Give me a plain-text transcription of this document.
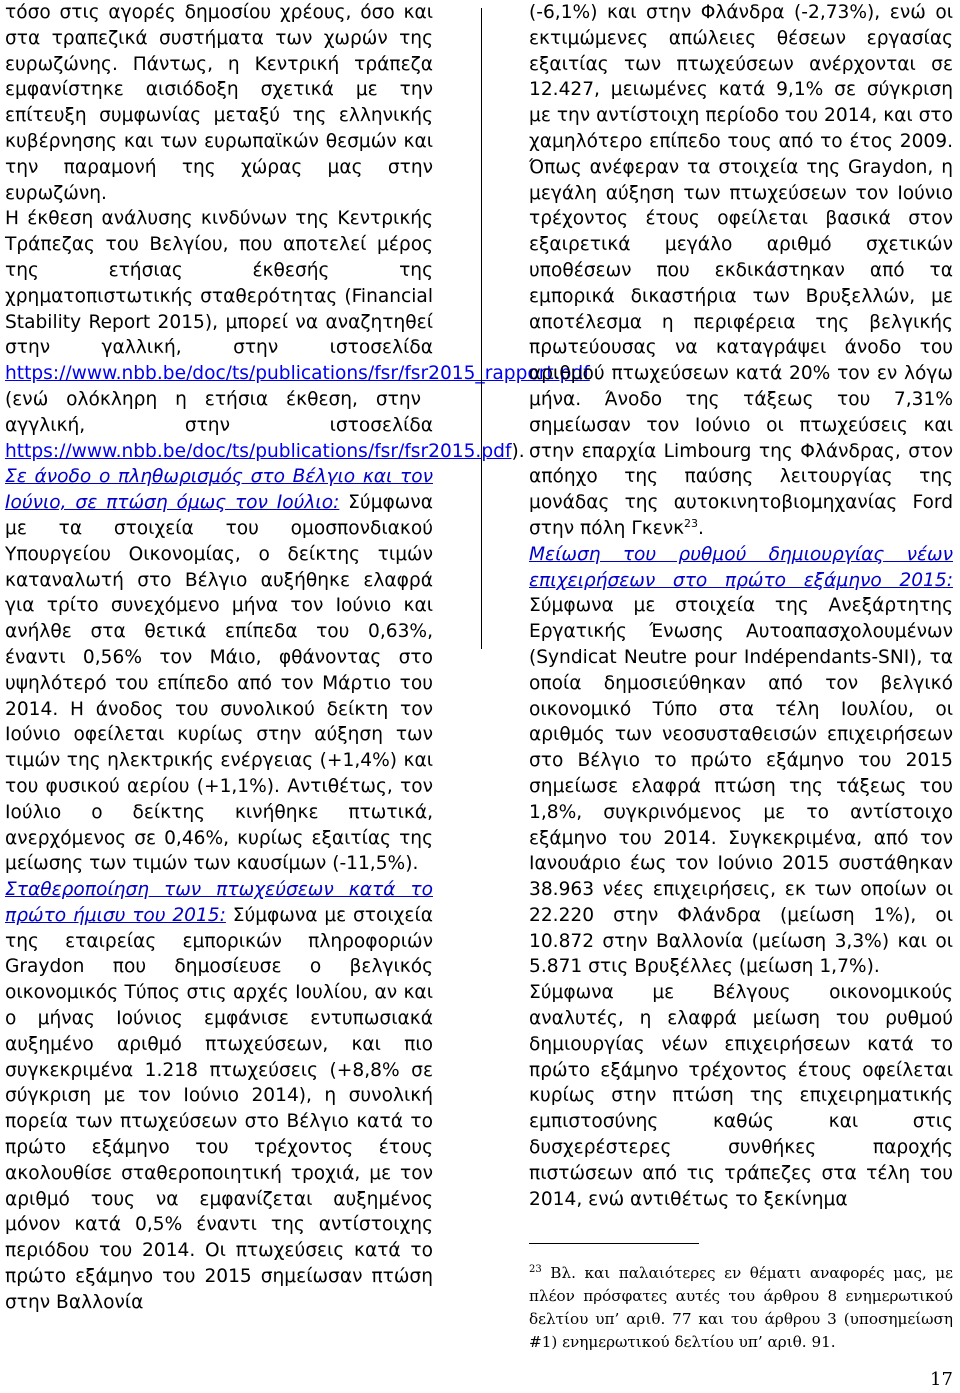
τόσο στις αγορές δημοσίου χρέους, όσο και στα τραπεζικά συστήματα των χωρών της ευρωζώνης. Πάντως, η Κεντρική τράπεζα εμφανίστηκε αισιόδοξη σχετικά με την επίτευξη συμφωνίας μεταξύ της ελληνικής κυβέρνησης και των ευρωπαϊκών θεσμών και την παραμονή της χώρας μας στην ευρωζώνη.

Η έκθεση ανάλυσης κινδύνων της Κεντρικής Τράπεζας του Βελγίου, που αποτελεί μέρος της ετήσιας έκθεσής της χρηματοπιστωτικής σταθερότητας (Financial Stability Report 2015), μπορεί να αναζητηθεί στην γαλλική, στην ιστοσελίδα https://www.nbb.be/doc/ts/publications/fsr/fsr2015_rapport.pdf (ενώ ολόκληρη η ετήσια έκθεση, στην αγγλική, στην ιστοσελίδα https://www.nbb.be/doc/ts/publications/fsr/fsr2015.pdf).

Σε άνοδο ο πληθωρισμός στο Βέλγιο και τον Ιούνιο, σε πτώση όμως τον Ιούλιο: Σύμφωνα με τα στοιχεία του ομοσπονδιακού Υπουργείου Οικονομίας, ο δείκτης τιμών καταναλωτή στο Βέλγιο αυξήθηκε ελαφρά για τρίτο συνεχόμενο μήνα τον Ιούνιο και ανήλθε στα θετικά επίπεδα του 0,63%, έναντι 0,56% τον Μάιο, φθάνοντας στο υψηλότερό του επίπεδο από τον Μάρτιο του 2014. Η άνοδος του συνολικού δείκτη τον Ιούνιο οφείλεται κυρίως στην αύξηση των τιμών της ηλεκτρικής ενέργειας (+1,4%) και του φυσικού αερίου (+1,1%). Αντιθέτως, τον Ιούλιο ο δείκτης κινήθηκε πτωτικά, ανερχόμενος σε 0,46%, κυρίως εξαιτίας της μείωσης των τιμών των καυσίμων (-11,5%).

Σταθεροποίηση των πτωχεύσεων κατά το πρώτο ήμισυ του 2015: Σύμφωνα με στοιχεία της εταιρείας εμπορικών πληροφοριών Graydon που δημοσίευσε ο βελγικός οικονομικός Τύπος στις αρχές Ιουλίου, αν και ο μήνας Ιούνιος εμφάνισε εντυπωσιακά αυξημένο αριθμό πτωχεύσεων, και πιο συγκεκριμένα 1.218 πτωχεύσεις (+8,8% σε σύγκριση με τον Ιούνιο 2014), η συνολική πορεία των πτωχεύσεων στο Βέλγιο κατά το πρώτο εξάμηνο του τρέχοντος έτους ακολουθίσε σταθεροποιητική τροχιά, με τον αριθμό τους να εμφανίζεται αυξημένος μόνον κατά 0,5% έναντι της αντίστοιχης περιόδου του 2014. Οι πτωχεύσεις κατά το πρώτο εξάμηνο του 2015 σημείωσαν πτώση στην Βαλλονία

(-6,1%) και στην Φλάνδρα (-2,73%), ενώ οι εκτιμώμενες απώλειες θέσεων εργασίας εξαιτίας των πτωχεύσεων ανέρχονται σε 12.427, μειωμένες κατά 9,1% σε σύγκριση με την αντίστοιχη περίοδο του 2014, και στο χαμηλότερο επίπεδο τους από το έτος 2009. Όπως ανέφεραν τα στοιχεία της Graydon, η μεγάλη αύξηση των πτωχεύσεων τον Ιούνιο τρέχοντος έτους οφείλεται βασικά στον εξαιρετικά μεγάλο αριθμό σχετικών υποθέσεων που εκδικάστηκαν από τα εμπορικά δικαστήρια των Βρυξελλών, με αποτέλεσμα η περιφέρεια της βελγικής πρωτεύουσας να καταγράψει άνοδο του αριθμού πτωχεύσεων κατά 20% τον εν λόγω μήνα. Άνοδο της τάξεως του 7,31% σημείωσαν τον Ιούνιο οι πτωχεύσεις και στην επαρχία Limbourg της Φλάνδρας, στον απόηχο της παύσης λειτουργίας της μονάδας της αυτοκινητοβιομηχανίας Ford στην πόλη Γκενκ$^{23}$.

Μείωση του ρυθμού δημιουργίας νέων επιχειρήσεων στο πρώτο εξάμηνο 2015: Σύμφωνα με στοιχεία της Ανεξάρτητης Εργατικής Ένωσης Αυτοαπασχολουμένων (Syndicat Neutre pour Indépendants-SNI), τα οποία δημοσιεύθηκαν από τον βελγικό οικονομικό Τύπο στα τέλη Ιουλίου, οι αριθμός των νεοσυσταθεισών επιχειρήσεων στο Βέλγιο το πρώτο εξάμηνο του 2015 σημείωσε ελαφρά πτώση της τάξεως του 1,8%, συγκρινόμενος με το αντίστοιχο εξάμηνο του 2014. Συγκεκριμένα, από τον Ιανουάριο έως τον Ιούνιο 2015 συστάθηκαν 38.963 νέες επιχειρήσεις, εκ των οποίων οι 22.220 στην Φλάνδρα (μείωση 1%), οι 10.872 στην Βαλλονία (μείωση 3,3%) και οι 5.871 στις Βρυξέλλες (μείωση 1,7%).

Σύμφωνα με Βέλγους οικονομικούς αναλυτές, η ελαφρά μείωση του ρυθμού δημιουργίας νέων επιχειρήσεων κατά το πρώτο εξάμηνο τρέχοντος έτους οφείλεται κυρίως στην πτώση της επιχειρηματικής εμπιστοσύνης καθώς και στις δυσχερέστερες συνθήκες παροχής πιστώσεων από τις τράπεζες στα τέλη του 2014, ενώ αντιθέτως το ξεκίνημα

$^{23}$ Βλ. και παλαιότερες εν θέματι αναφορές μας, με πλέον πρόσφατες αυτές του άρθρου 8 ενημερωτικού δελτίου υπ’ αριθ. 77 και του άρθρου 3 (υποσημείωση #1) ενημερωτικού δελτίου υπ’ αριθ. 91.
17
